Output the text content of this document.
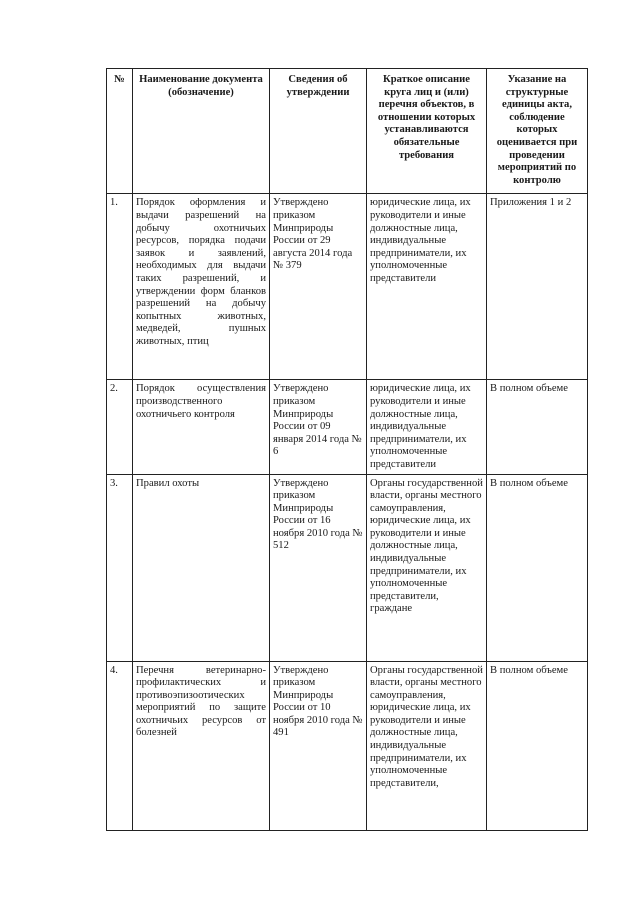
№	Наименование документа (обозначение)	Сведения об утверждении	Краткое описание круга лиц и (или) перечня объектов, в отношении которых устанавливаются обязательные требования	Указание на структурные единицы акта, соблюдение которых оценивается при проведении мероприятий по контролю
1.	Порядок оформления и выдачи разрешений на добычу охотничьих ресурсов, порядка подачи заявок и заявлений, необходимых для выдачи таких разрешений, и утверждении форм бланков разрешений на добычу копытных животных, медведей, пушных животных, птиц	Утверждено приказом Минприроды России от 29 августа 2014 года № 379	юридические лица, их руководители и иные должностные лица, индивидуальные предприниматели, их уполномоченные представители	Приложения 1 и 2
2.	Порядок осуществления производственного охотничьего контроля	Утверждено приказом Минприроды России от 09 января 2014 года № 6	юридические лица, их руководители и иные должностные лица, индивидуальные предприниматели, их уполномоченные представители	В полном объеме
3.	Правил охоты	Утверждено приказом Минприроды России от 16 ноября 2010 года № 512	Органы государственной власти, органы местного самоуправления, юридические лица, их руководители и иные должностные лица, индивидуальные предприниматели, их уполномоченные представители, граждане	В полном объеме
4.	Перечня ветеринарно-профилактических и противоэпизоотических мероприятий по защите охотничьих ресурсов от болезней	Утверждено приказом Минприроды России от 10 ноября 2010 года № 491	Органы государственной власти, органы местного самоуправления, юридические лица, их руководители и иные должностные лица, индивидуальные предприниматели, их уполномоченные представители,	В полном объеме
